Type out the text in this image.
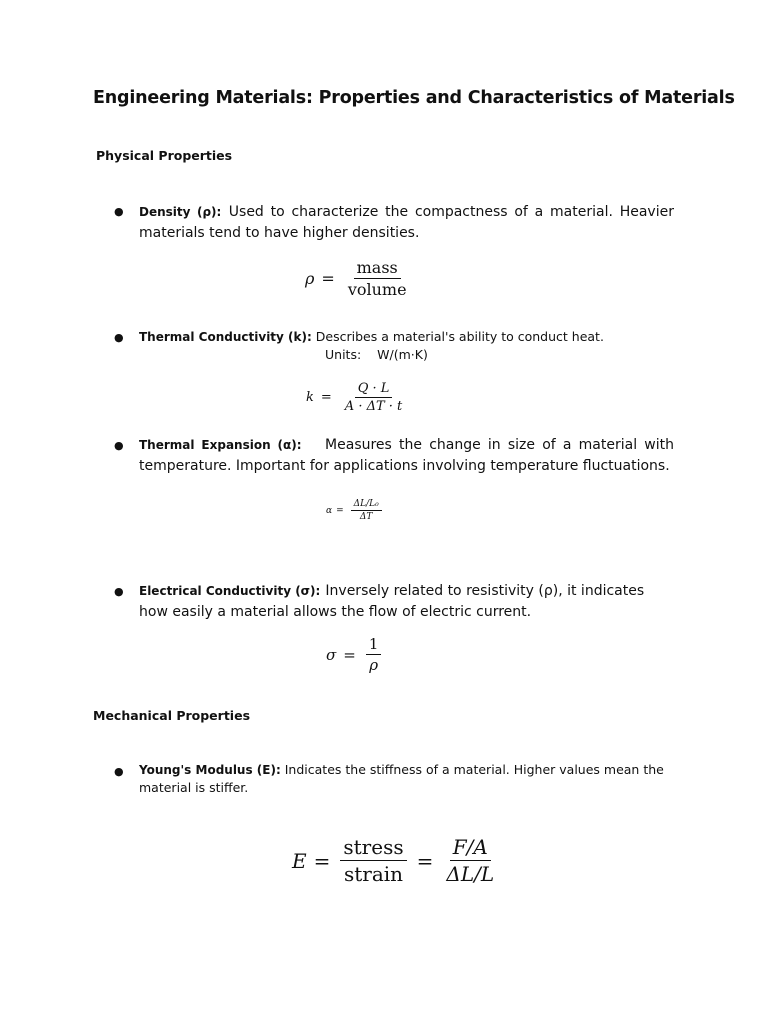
Engineering Materials: Properties and Characteristics of Materials
Physical Properties
● Density (ρ): Used to characterize the compactness of a material. Heavier materials tend to have higher densities.
$\rho = \frac{\text{mass}}{\text{volume}}$
● Thermal Conductivity (k): Describes a material's ability to conduct heat.
Units: W/(m·K)
$k = \frac{Q \cdot L}{A \cdot \Delta T \cdot t}$
● Thermal Expansion (α): Measures the change in size of a material with temperature. Important for applications involving temperature fluctuations.
$\alpha = \frac{\text{ΔL/L₀}}{\Delta T}$
● Electrical Conductivity (σ): Inversely related to resistivity (ρ), it indicates how easily a material allows the flow of electric current.
$\sigma = \frac{1}{\rho}$
Mechanical Properties
● Young's Modulus (E): Indicates the stiffness of a material. Higher values mean the material is stiffer.
$E = \frac{\text{stress}}{\text{strain}} = \frac{F/A}{\Delta L/L}$
